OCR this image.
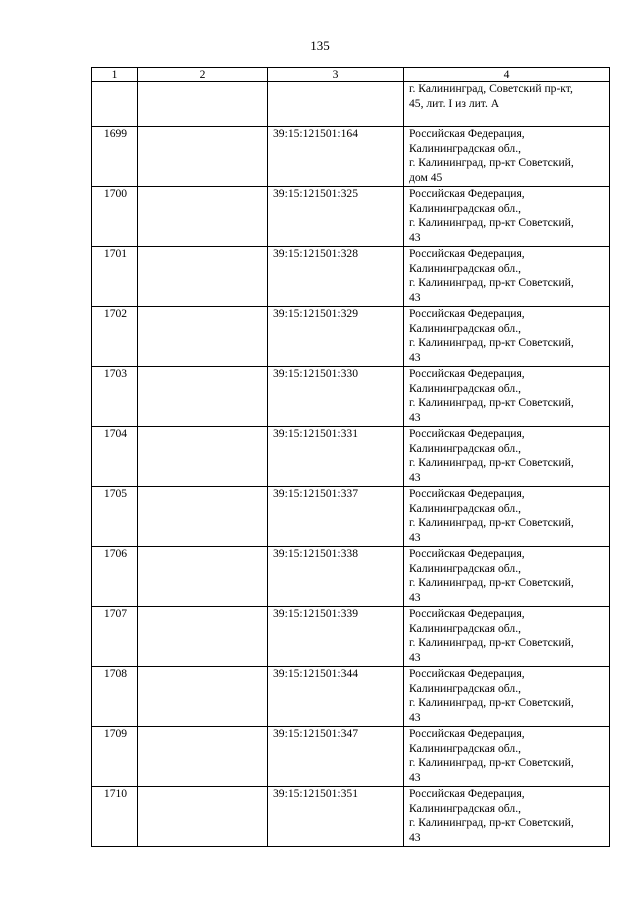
135
1	2	3	4

			г. Калининград, Советский пр-кт,
45, лит. I из лит. А

1699		39:15:121501:164	Российская Федерация,
Калининградская обл.,
г. Калининград, пр-кт Советский,
дом 45

1700		39:15:121501:325	Российская Федерация,
Калининградская обл.,
г. Калининград, пр-кт Советский,
43

1701		39:15:121501:328	Российская Федерация,
Калининградская обл.,
г. Калининград, пр-кт Советский,
43

1702		39:15:121501:329	Российская Федерация,
Калининградская обл.,
г. Калининград, пр-кт Советский,
43

1703		39:15:121501:330	Российская Федерация,
Калининградская обл.,
г. Калининград, пр-кт Советский,
43

1704		39:15:121501:331	Российская Федерация,
Калининградская обл.,
г. Калининград, пр-кт Советский,
43

1705		39:15:121501:337	Российская Федерация,
Калининградская обл.,
г. Калининград, пр-кт Советский,
43

1706		39:15:121501:338	Российская Федерация,
Калининградская обл.,
г. Калининград, пр-кт Советский,
43

1707		39:15:121501:339	Российская Федерация,
Калининградская обл.,
г. Калининград, пр-кт Советский,
43

1708		39:15:121501:344	Российская Федерация,
Калининградская обл.,
г. Калининград, пр-кт Советский,
43

1709		39:15:121501:347	Российская Федерация,
Калининградская обл.,
г. Калининград, пр-кт Советский,
43

1710		39:15:121501:351	Российская Федерация,
Калининградская обл.,
г. Калининград, пр-кт Советский,
43
